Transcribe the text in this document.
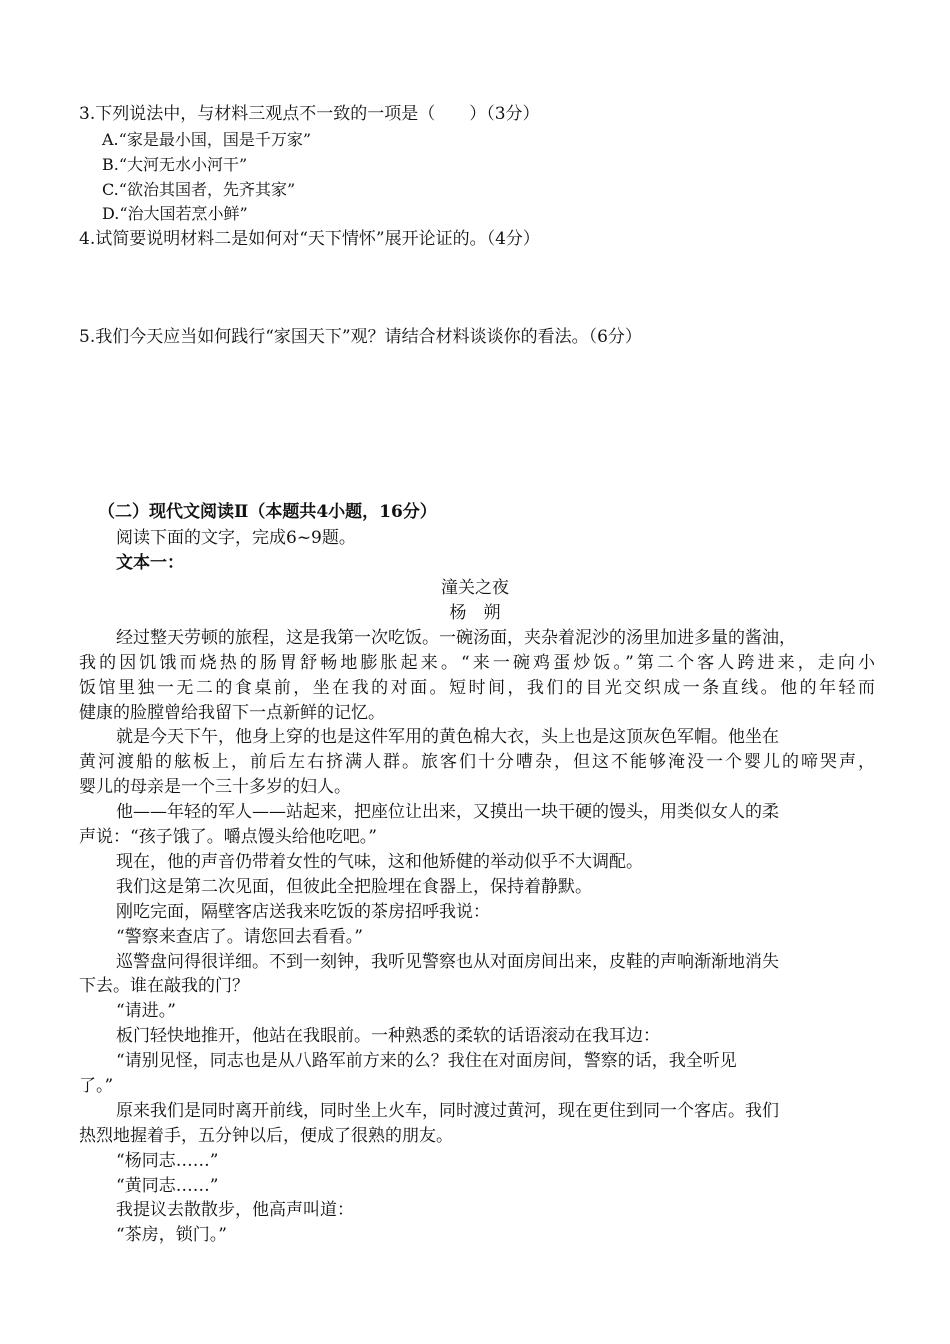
3.下列说法中，与材料三观点不一致的一项是（　　）（3分）
A.“家是最小国，国是千万家”
B.“大河无水小河干”
C.“欲治其国者，先齐其家”
D.“治大国若烹小鲜”
4.试简要说明材料二是如何对“天下情怀”展开论证的。（4分）
5.我们今天应当如何践行“家国天下”观？请结合材料谈谈你的看法。（6分）
（二）现代文阅读Ⅱ（本题共4小题，16分）
阅读下面的文字，完成6~9题。
文本一：
潼关之夜
杨　朔
经过整天劳顿的旅程，这是我第一次吃饭。一碗汤面，夹杂着泥沙的汤里加进多量的酱油，
我的因饥饿而烧热的肠胃舒畅地膨胀起来。“来一碗鸡蛋炒饭。”第二个客人跨进来，走向小
饭馆里独一无二的食桌前，坐在我的对面。短时间，我们的目光交织成一条直线。他的年轻而
健康的脸膛曾给我留下一点新鲜的记忆。
就是今天下午，他身上穿的也是这件军用的黄色棉大衣，头上也是这顶灰色军帽。他坐在
黄河渡船的舷板上，前后左右挤满人群。旅客们十分嘈杂，但这不能够淹没一个婴儿的啼哭声，
婴儿的母亲是一个三十多岁的妇人。
他——年轻的军人——站起来，把座位让出来，又摸出一块干硬的馒头，用类似女人的柔
声说：“孩子饿了。嚼点馒头给他吃吧。”
现在，他的声音仍带着女性的气味，这和他矫健的举动似乎不大调配。
我们这是第二次见面，但彼此全把脸埋在食器上，保持着静默。
刚吃完面，隔壁客店送我来吃饭的茶房招呼我说：
“警察来查店了。请您回去看看。”
巡警盘问得很详细。不到一刻钟，我听见警察也从对面房间出来，皮鞋的声响渐渐地消失
下去。谁在敲我的门？
“请进。”
板门轻快地推开，他站在我眼前。一种熟悉的柔软的话语滚动在我耳边：
“请别见怪，同志也是从八路军前方来的么？我住在对面房间，警察的话，我全听见
了。”
原来我们是同时离开前线，同时坐上火车，同时渡过黄河，现在更住到同一个客店。我们
热烈地握着手，五分钟以后，便成了很熟的朋友。
“杨同志……”
“黄同志……”
我提议去散散步，他高声叫道：
“茶房，锁门。”
